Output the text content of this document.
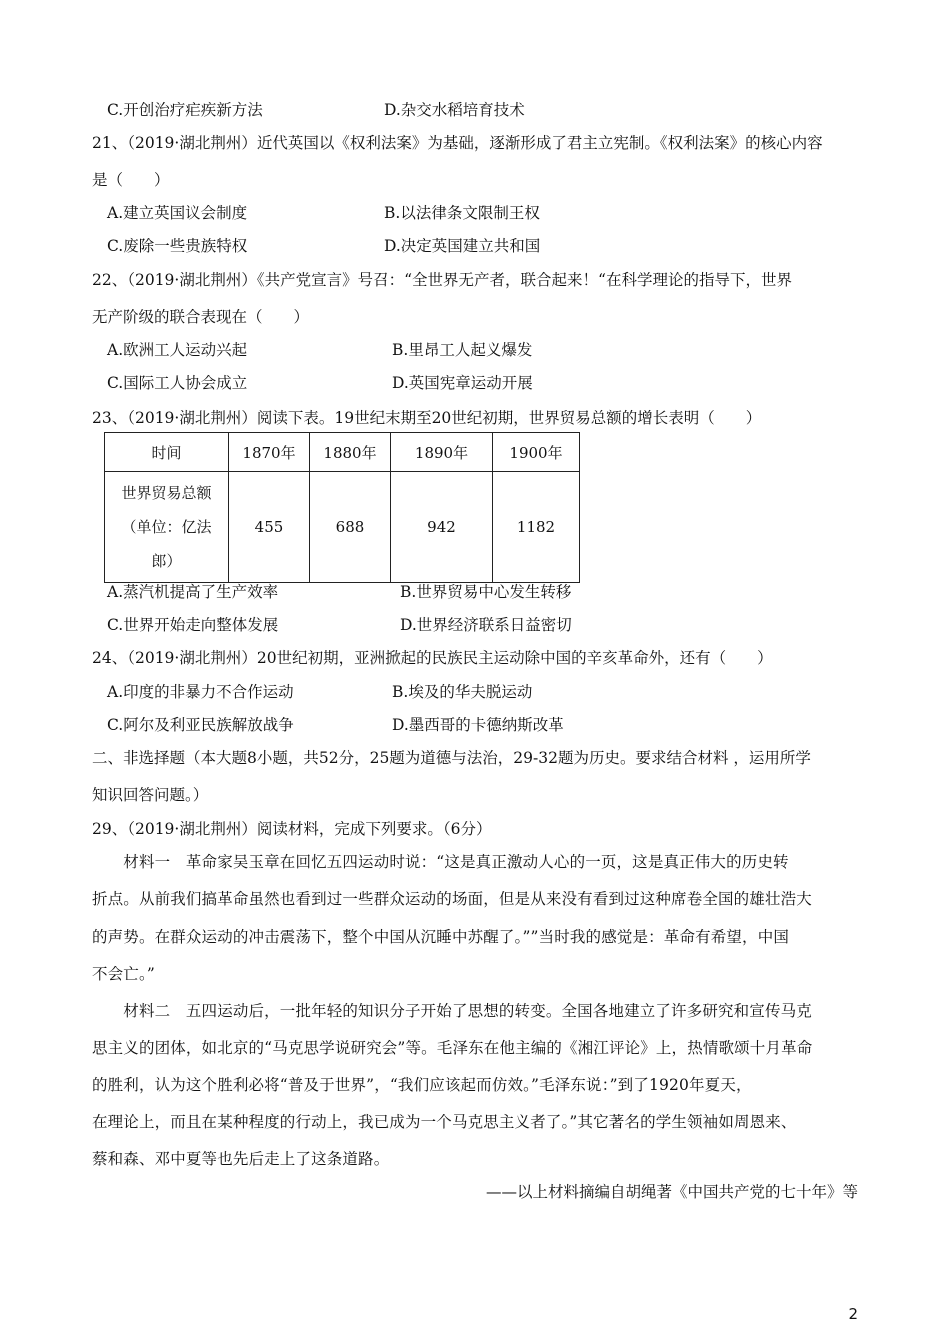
C.开创治疗疟疾新方法	D.杂交水稻培育技术
21、（2019·湖北荆州）近代英国以《权利法案》为基础，逐渐形成了君主立宪制。《权利法案》的核心内容
是（　　）
A.建立英国议会制度	B.以法律条文限制王权
C.废除一些贵族特权	D.决定英国建立共和国
22、（2019·湖北荆州）《共产党宣言》号召：“全世界无产者，联合起来！“在科学理论的指导下，世界
无产阶级的联合表现在（　　）
A.欧洲工人运动兴起	B.里昂工人起义爆发
C.国际工人协会成立	D.英国宪章运动开展
23、（2019·湖北荆州）阅读下表。19世纪末期至20世纪初期，世界贸易总额的增长表明（　　）
时间	1870年	1880年	1890年	1900年

世界贸易总额
（单位：亿法
郎）	455	688	942	1182
A.蒸汽机提高了生产效率	B.世界贸易中心发生转移
C.世界开始走向整体发展	D.世界经济联系日益密切
24、（2019·湖北荆州）20世纪初期，亚洲掀起的民族民主运动除中国的辛亥革命外，还有（　　）
A.印度的非暴力不合作运动	B.埃及的华夫脱运动
C.阿尔及利亚民族解放战争	D.墨西哥的卡德纳斯改革
二、非选择题（本大题8小题，共52分，25题为道德与法治，29-32题为历史。要求结合材料 ，运用所学
知识回答问题。）
29、（2019·湖北荆州）阅读材料，完成下列要求。（6分）
　　材料一　革命家吴玉章在回忆五四运动时说：“这是真正激动人心的一页，这是真正伟大的历史转
折点。从前我们搞革命虽然也看到过一些群众运动的场面，但是从来没有看到过这种席卷全国的雄壮浩大
的声势。在群众运动的冲击震荡下，整个中国从沉睡中苏醒了。””当时我的感觉是：革命有希望，中国
不会亡。”
　　材料二　五四运动后，一批年轻的知识分子开始了思想的转变。全国各地建立了许多研究和宣传马克
思主义的团体，如北京的“马克思学说研究会”等。毛泽东在他主编的《湘江评论》上，热情歌颂十月革命
的胜利，认为这个胜利必将“普及于世界”，“我们应该起而仿效。”毛泽东说：”到了1920年夏天，
在理论上，而且在某种程度的行动上，我已成为一个马克思主义者了。”其它著名的学生领袖如周恩来、
蔡和森、邓中夏等也先后走上了这条道路。
——以上材料摘编自胡绳著《中国共产党的七十年》等
2
